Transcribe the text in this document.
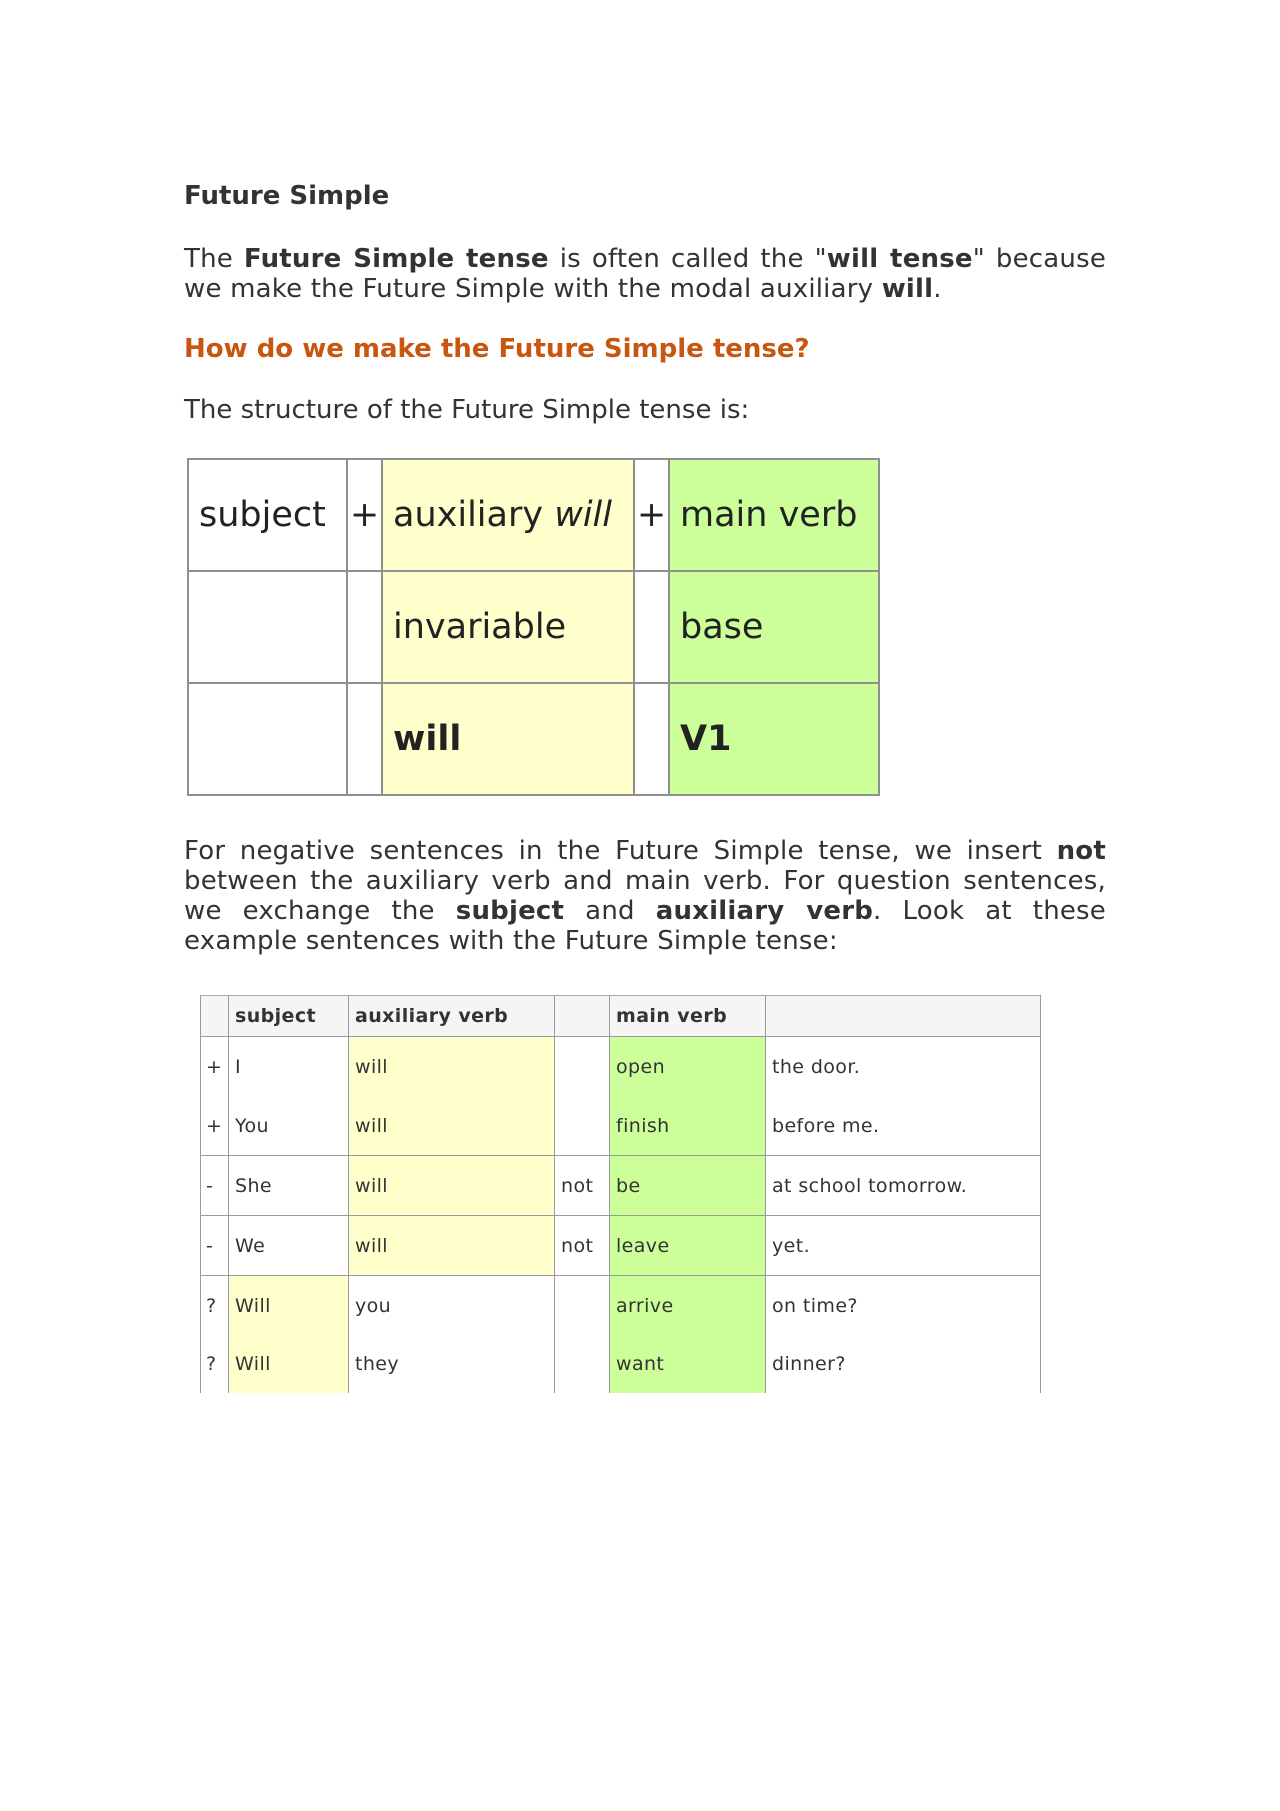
Future Simple

The Future Simple tense is often called the "will tense" because we make the Future Simple with the modal auxiliary will.

How do we make the Future Simple tense?
The structure of the Future Simple tense is:

For negative sentences in the Future Simple tense, we insert not between the auxiliary verb and main verb. For question sentences, we exchange the subject and auxiliary verb. Look at these example sentences with the Future Simple tense:

subject	+	auxiliary will	+	main verb
		invariable		base
		will		V1
	subject	auxiliary verb		main verb	
+	I	will		open	the door.
+	You	will		finish	before me.
-	She	will	not	be	at school tomorrow.
-	We	will	not	leave	yet.
?	Will	you		arrive	on time?
?	Will	they		want	dinner?
